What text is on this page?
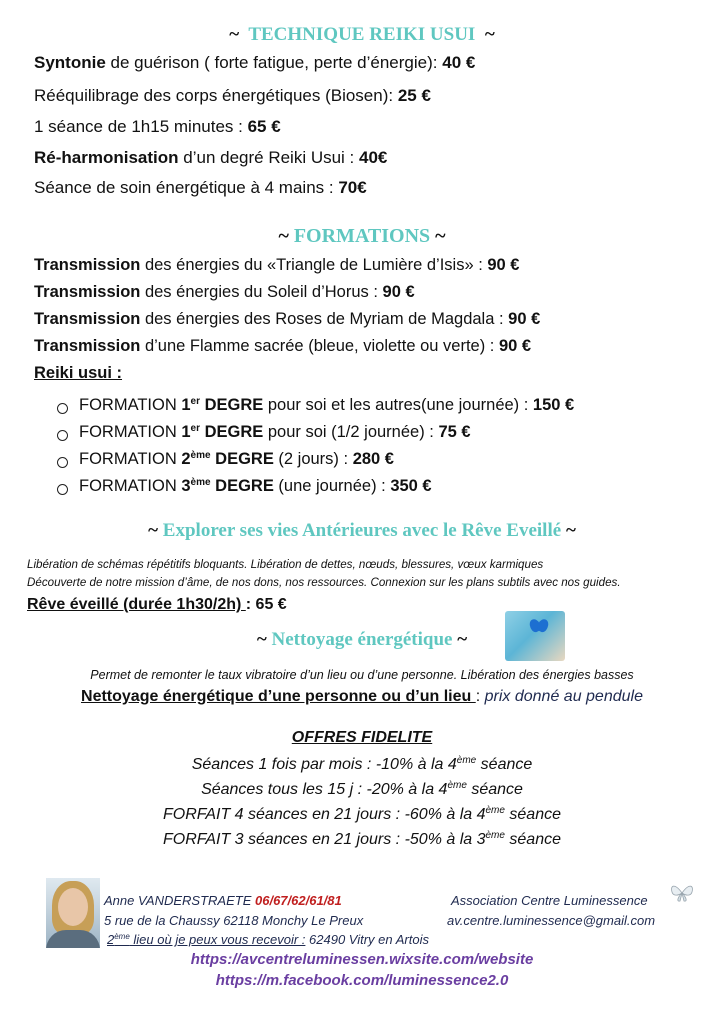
~ TECHNIQUE REIKI USUI ~
Syntonie de guérison ( forte fatigue, perte d’énergie): 40 €
Rééquilibrage des corps énergétiques (Biosen): 25 €
1 séance de 1h15 minutes : 65 €
Ré-harmonisation d’un degré Reiki Usui : 40€
Séance de soin énergétique à 4 mains : 70€
~ FORMATIONS ~
Transmission des énergies du «Triangle de Lumière d’Isis» : 90 €
Transmission des énergies du Soleil d’Horus : 90 €
Transmission des énergies des Roses de Myriam de Magdala : 90 €
Transmission d’une Flamme sacrée (bleue, violette ou verte) : 90 €
Reiki usui :
FORMATION 1er DEGRE pour soi et les autres(une journée) : 150 €
FORMATION 1er DEGRE pour soi (1/2 journée) : 75 €
FORMATION 2ème DEGRE (2 jours) : 280 €
FORMATION 3ème DEGRE (une journée) : 350 €
~ Explorer ses vies Antérieures avec le Rêve Eveillé ~
Libération de schémas répétitifs bloquants. Libération de dettes, nœuds, blessures, vœux karmiques
Découverte de notre mission d’âme, de nos dons, nos ressources. Connexion sur les plans subtils avec nos guides.
Rêve éveillé (durée 1h30/2h) : 65 €
~ Nettoyage énergétique ~
Permet de remonter le taux vibratoire d’un lieu ou d’une personne. Libération des énergies basses
Nettoyage énergétique d’une personne ou d’un lieu : prix donné au pendule
OFFRES FIDELITE
Séances 1 fois par mois : -10% à la 4ème séance
Séances tous les 15 j : -20% à la 4ème séance
FORFAIT 4 séances en 21 jours : -60% à la 4ème séance
FORFAIT 3 séances en 21 jours : -50% à la 3ème séance
Anne VANDERSTRAETE 06/67/62/61/81	Association Centre Luminessence
5 rue de la Chaussy 62118 Monchy Le Preux	av.centre.luminessence@gmail.com
2ème lieu où je peux vous recevoir : 62490 Vitry en Artois
https://avcentreluminessen.wixsite.com/website
https://m.facebook.com/luminessence2.0
